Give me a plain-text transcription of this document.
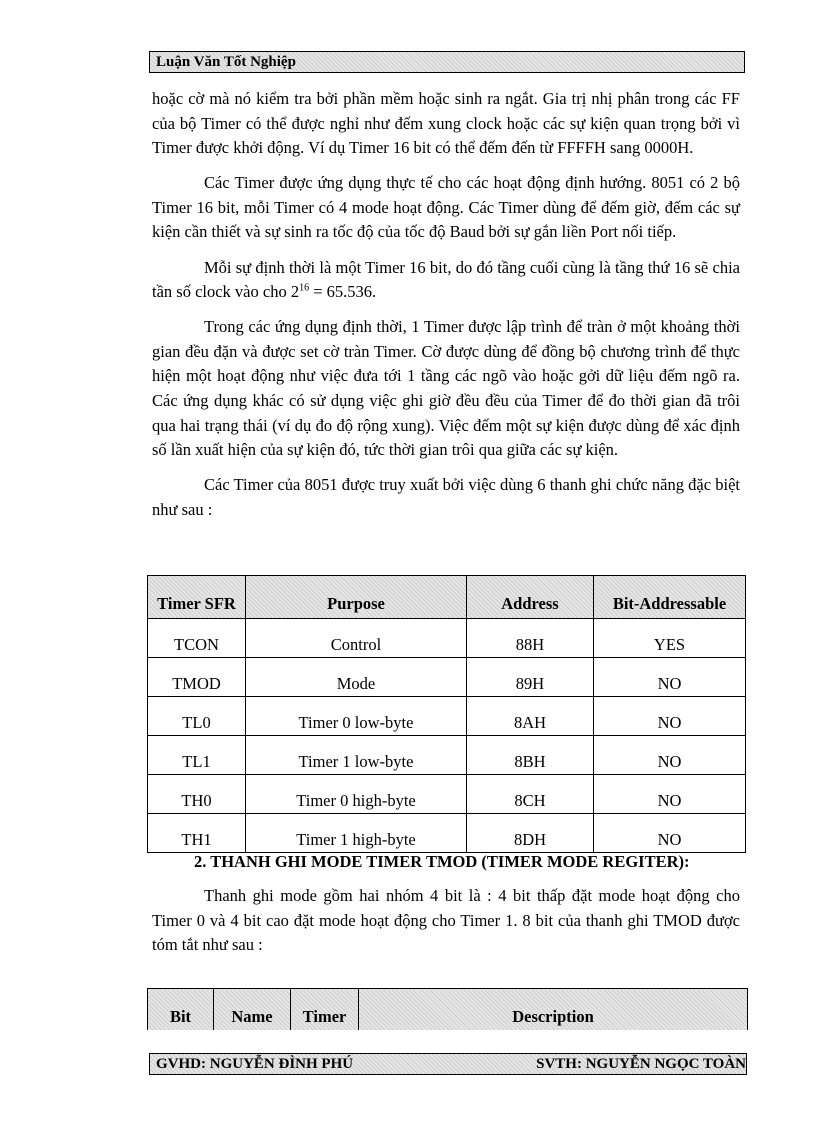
Luận Văn Tốt Nghiệp

hoặc cờ mà nó kiểm tra bởi phần mềm hoặc sinh ra ngắt. Gia trị nhị phân trong các FF của bộ Timer có thể được nghỉ như đếm xung clock hoặc các sự kiện quan trọng bởi vì Timer được khởi động. Ví dụ Timer 16 bit có thể đếm đến từ FFFFH sang 0000H.

Các Timer được ứng dụng thực tế cho các hoạt động định hướng. 8051 có 2 bộ Timer 16 bit, mỗi Timer có 4 mode hoạt động. Các Timer dùng để đếm giờ, đếm các sự kiện cần thiết và sự sinh ra tốc độ của tốc độ Baud bởi sự gắn liền Port nối tiếp.

Mỗi sự định thời là một Timer 16 bit, do đó tầng cuối cùng là tầng thứ 16 sẽ chia tần số clock vào cho $2^{16} = 65.536$.

Trong các ứng dụng định thời, 1 Timer được lập trình để tràn ở một khoảng thời gian đều đặn và được set cờ tràn Timer. Cờ được dùng để đồng bộ chương trình để thực hiện một hoạt động như việc đưa tới 1 tầng các ngõ vào hoặc gởi dữ liệu đếm ngõ ra. Các ứng dụng khác có sử dụng việc ghi giờ đều đều của Timer để đo thời gian đã trôi qua hai trạng thái (ví dụ đo độ rộng xung). Việc đếm một sự kiện được dùng để xác định số lần xuất hiện của sự kiện đó, tức thời gian trôi qua giữa các sự kiện.

Các Timer của 8051 được truy xuất bởi việc dùng 6 thanh ghi chức năng đặc biệt như sau :

Timer SFR	Purpose	Address	Bit-Addressable
TCON	Control	88H	YES
TMOD	Mode	89H	NO
TL0	Timer 0 low-byte	8AH	NO
TL1	Timer 1 low-byte	8BH	NO
TH0	Timer 0 high-byte	8CH	NO
TH1	Timer 1 high-byte	8DH	NO
2. THANH GHI MODE TIMER TMOD (TIMER MODE REGITER):

Thanh ghi mode gồm hai nhóm 4 bit là : 4 bit thấp đặt mode hoạt động cho Timer 0 và 4 bit cao đặt mode hoạt động cho Timer 1. 8 bit của thanh ghi TMOD được tóm tắt như sau :

Bit	Name	Timer	Description
GVHD: NGUYỄN ĐÌNH PHÚ	SVTH: NGUYỄN NGỌC TOÀN
